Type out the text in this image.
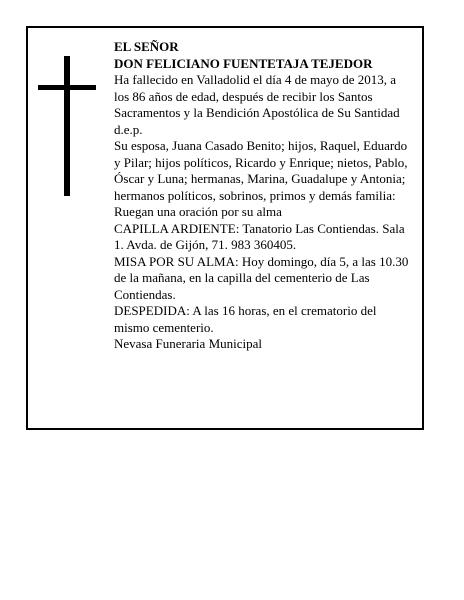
EL SEÑOR

DON FELICIANO FUENTETAJA TEJEDOR

Ha fallecido en Valladolid el día 4 de mayo de 2013, a los 86 años de edad, después de recibir los Santos Sacramentos y la Bendición Apostólica de Su Santidad d.e.p.

Su esposa, Juana Casado Benito; hijos, Raquel, Eduardo y Pilar; hijos políticos, Ricardo y Enrique; nietos, Pablo, Óscar y Luna; hermanas, Marina, Guadalupe y Antonia; hermanos políticos, sobrinos, primos y demás familia:

Ruegan una oración por su alma

CAPILLA ARDIENTE: Tanatorio Las Contiendas. Sala 1. Avda. de Gijón, 71. 983 360405.

MISA POR SU ALMA: Hoy domingo, día 5, a las 10.30 de la mañana, en la capilla del cementerio de Las Contiendas.

DESPEDIDA: A las 16 horas, en el crematorio del mismo cementerio.

Nevasa Funeraria Municipal
